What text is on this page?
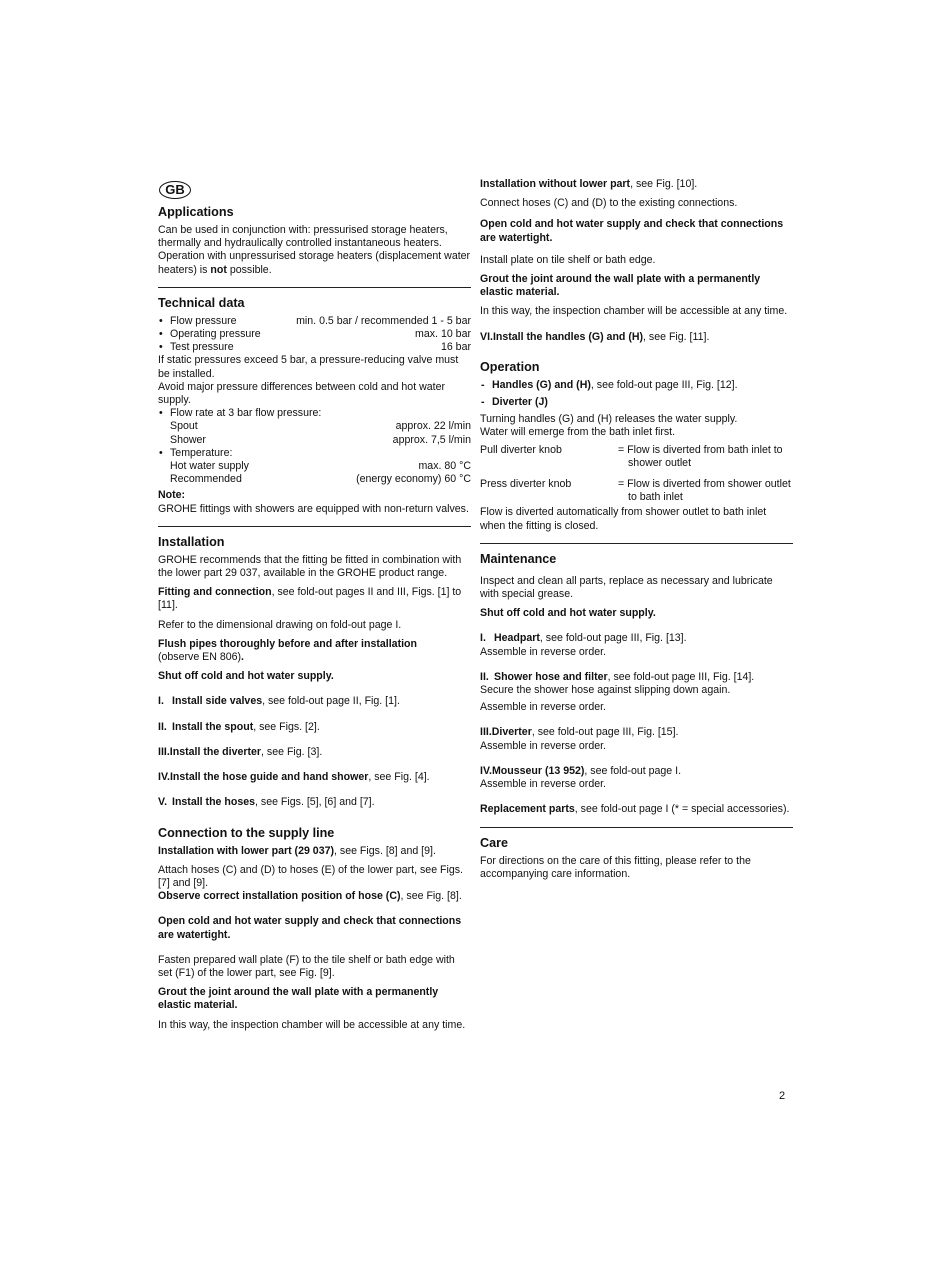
GB
Applications

Can be used in conjunction with: pressurised storage heaters, thermally and hydraulically controlled instantaneous heaters. Operation with unpressurised storage heaters (displacement water heaters) is not possible.

Technical data
• Flow pressure	min. 0.5 bar / recommended 1 - 5 bar
• Operating pressure	max. 10 bar
• Test pressure	16 bar
If static pressures exceed 5 bar, a pressure-reducing valve must be installed.
Avoid major pressure differences between cold and hot water supply.
• Flow rate at 3 bar flow pressure:
Spout	approx. 22 l/min
Shower	approx. 7,5 l/min
• Temperature:
Hot water supply	max. 80 °C
Recommended	(energy economy) 60 °C
Note:
GROHE fittings with showers are equipped with non-return valves.
Installation

GROHE recommends that the fitting be fitted in combination with the lower part 29 037, available in the GROHE product range.

Fitting and connection, see fold-out pages II and III, Figs. [1] to [11].

Refer to the dimensional drawing on fold-out page I.

Flush pipes thoroughly before and after installation
(observe EN 806).

Shut off cold and hot water supply.

I. Install side valves, see fold-out page II, Fig. [1].

II. Install the spout, see Figs. [2].

III.Install the diverter, see Fig. [3].

IV.Install the hose guide and hand shower, see Fig. [4].

V. Install the hoses, see Figs. [5], [6] and [7].

Connection to the supply line

Installation with lower part (29 037), see Figs. [8] and [9].

Attach hoses (C) and (D) to hoses (E) of the lower part, see Figs. [7] and [9].

Observe correct installation position of hose (C), see Fig. [8].

Open cold and hot water supply and check that connections are watertight.

Fasten prepared wall plate (F) to the tile shelf or bath edge with set (F1) of the lower part, see Fig. [9].

Grout the joint around the wall plate with a permanently elastic material.

In this way, the inspection chamber will be accessible at any time.

Installation without lower part, see Fig. [10].

Connect hoses (C) and (D) to the existing connections.

Open cold and hot water supply and check that connections are watertight.

Install plate on tile shelf or bath edge.

Grout the joint around the wall plate with a permanently elastic material.

In this way, the inspection chamber will be accessible at any time.

VI.Install the handles (G) and (H), see Fig. [11].

Operation
- Handles (G) and (H), see fold-out page III, Fig. [12].
- Diverter (J)
Turning handles (G) and (H) releases the water supply.
Water will emerge from the bath inlet first.
Pull diverter knob	= Flow is diverted from bath inlet to shower outlet
Press diverter knob	= Flow is diverted from shower outlet to bath inlet
Flow is diverted automatically from shower outlet to bath inlet when the fitting is closed.
Maintenance

Inspect and clean all parts, replace as necessary and lubricate with special grease.

Shut off cold and hot water supply.

I. Headpart, see fold-out page III, Fig. [13].

Assemble in reverse order.

II. Shower hose and filter, see fold-out page III, Fig. [14].
Secure the shower hose against slipping down again.

Assemble in reverse order.

III.Diverter, see fold-out page III, Fig. [15].

Assemble in reverse order.

IV.Mousseur (13 952), see fold-out page I.

Assemble in reverse order.

Replacement parts, see fold-out page I (* = special accessories).

Care

For directions on the care of this fitting, please refer to the accompanying care information.

2
